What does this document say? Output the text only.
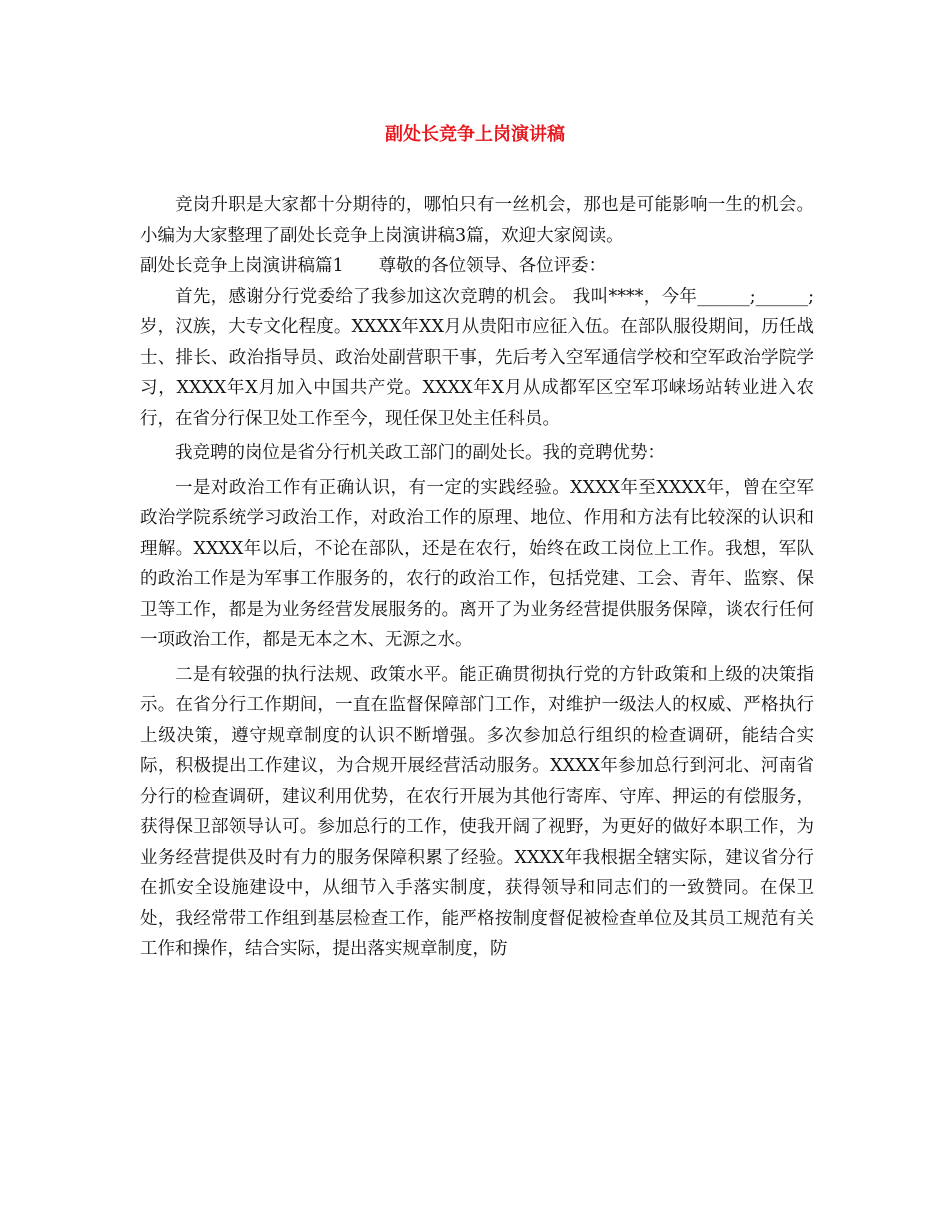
副处长竞争上岗演讲稿

竞岗升职是大家都十分期待的，哪怕只有一丝机会，那也是可能影响一生的机会。小编为大家整理了副处长竞争上岗演讲稿3篇，欢迎大家阅读。

副处长竞争上岗演讲稿篇1　　尊敬的各位领导、各位评委：

首先，感谢分行党委给了我参加这次竞聘的机会。 我叫****，今年______;______;岁，汉族，大专文化程度。XXXX年XX月从贵阳市应征入伍。在部队服役期间，历任战士、排长、政治指导员、政治处副营职干事，先后考入空军通信学校和空军政治学院学习，XXXX年X月加入中国共产党。XXXX年X月从成都军区空军邛崃场站转业进入农行，在省分行保卫处工作至今，现任保卫处主任科员。

我竞聘的岗位是省分行机关政工部门的副处长。我的竞聘优势：

一是对政治工作有正确认识，有一定的实践经验。XXXX年至XXXX年，曾在空军政治学院系统学习政治工作，对政治工作的原理、地位、作用和方法有比较深的认识和理解。XXXX年以后，不论在部队，还是在农行，始终在政工岗位上工作。我想，军队的政治工作是为军事工作服务的，农行的政治工作，包括党建、工会、青年、监察、保卫等工作，都是为业务经营发展服务的。离开了为业务经营提供服务保障，谈农行任何一项政治工作，都是无本之木、无源之水。

二是有较强的执行法规、政策水平。能正确贯彻执行党的方针政策和上级的决策指示。在省分行工作期间，一直在监督保障部门工作，对维护一级法人的权威、严格执行上级决策，遵守规章制度的认识不断增强。多次参加总行组织的检查调研，能结合实际，积极提出工作建议，为合规开展经营活动服务。XXXX年参加总行到河北、河南省分行的检查调研，建议利用优势，在农行开展为其他行寄库、守库、押运的有偿服务，获得保卫部领导认可。参加总行的工作，使我开阔了视野，为更好的做好本职工作，为业务经营提供及时有力的服务保障积累了经验。XXXX年我根据全辖实际，建议省分行在抓安全设施建设中，从细节入手落实制度，获得领导和同志们的一致赞同。在保卫处，我经常带工作组到基层检查工作，能严格按制度督促被检查单位及其员工规范有关工作和操作，结合实际，提出落实规章制度，防
